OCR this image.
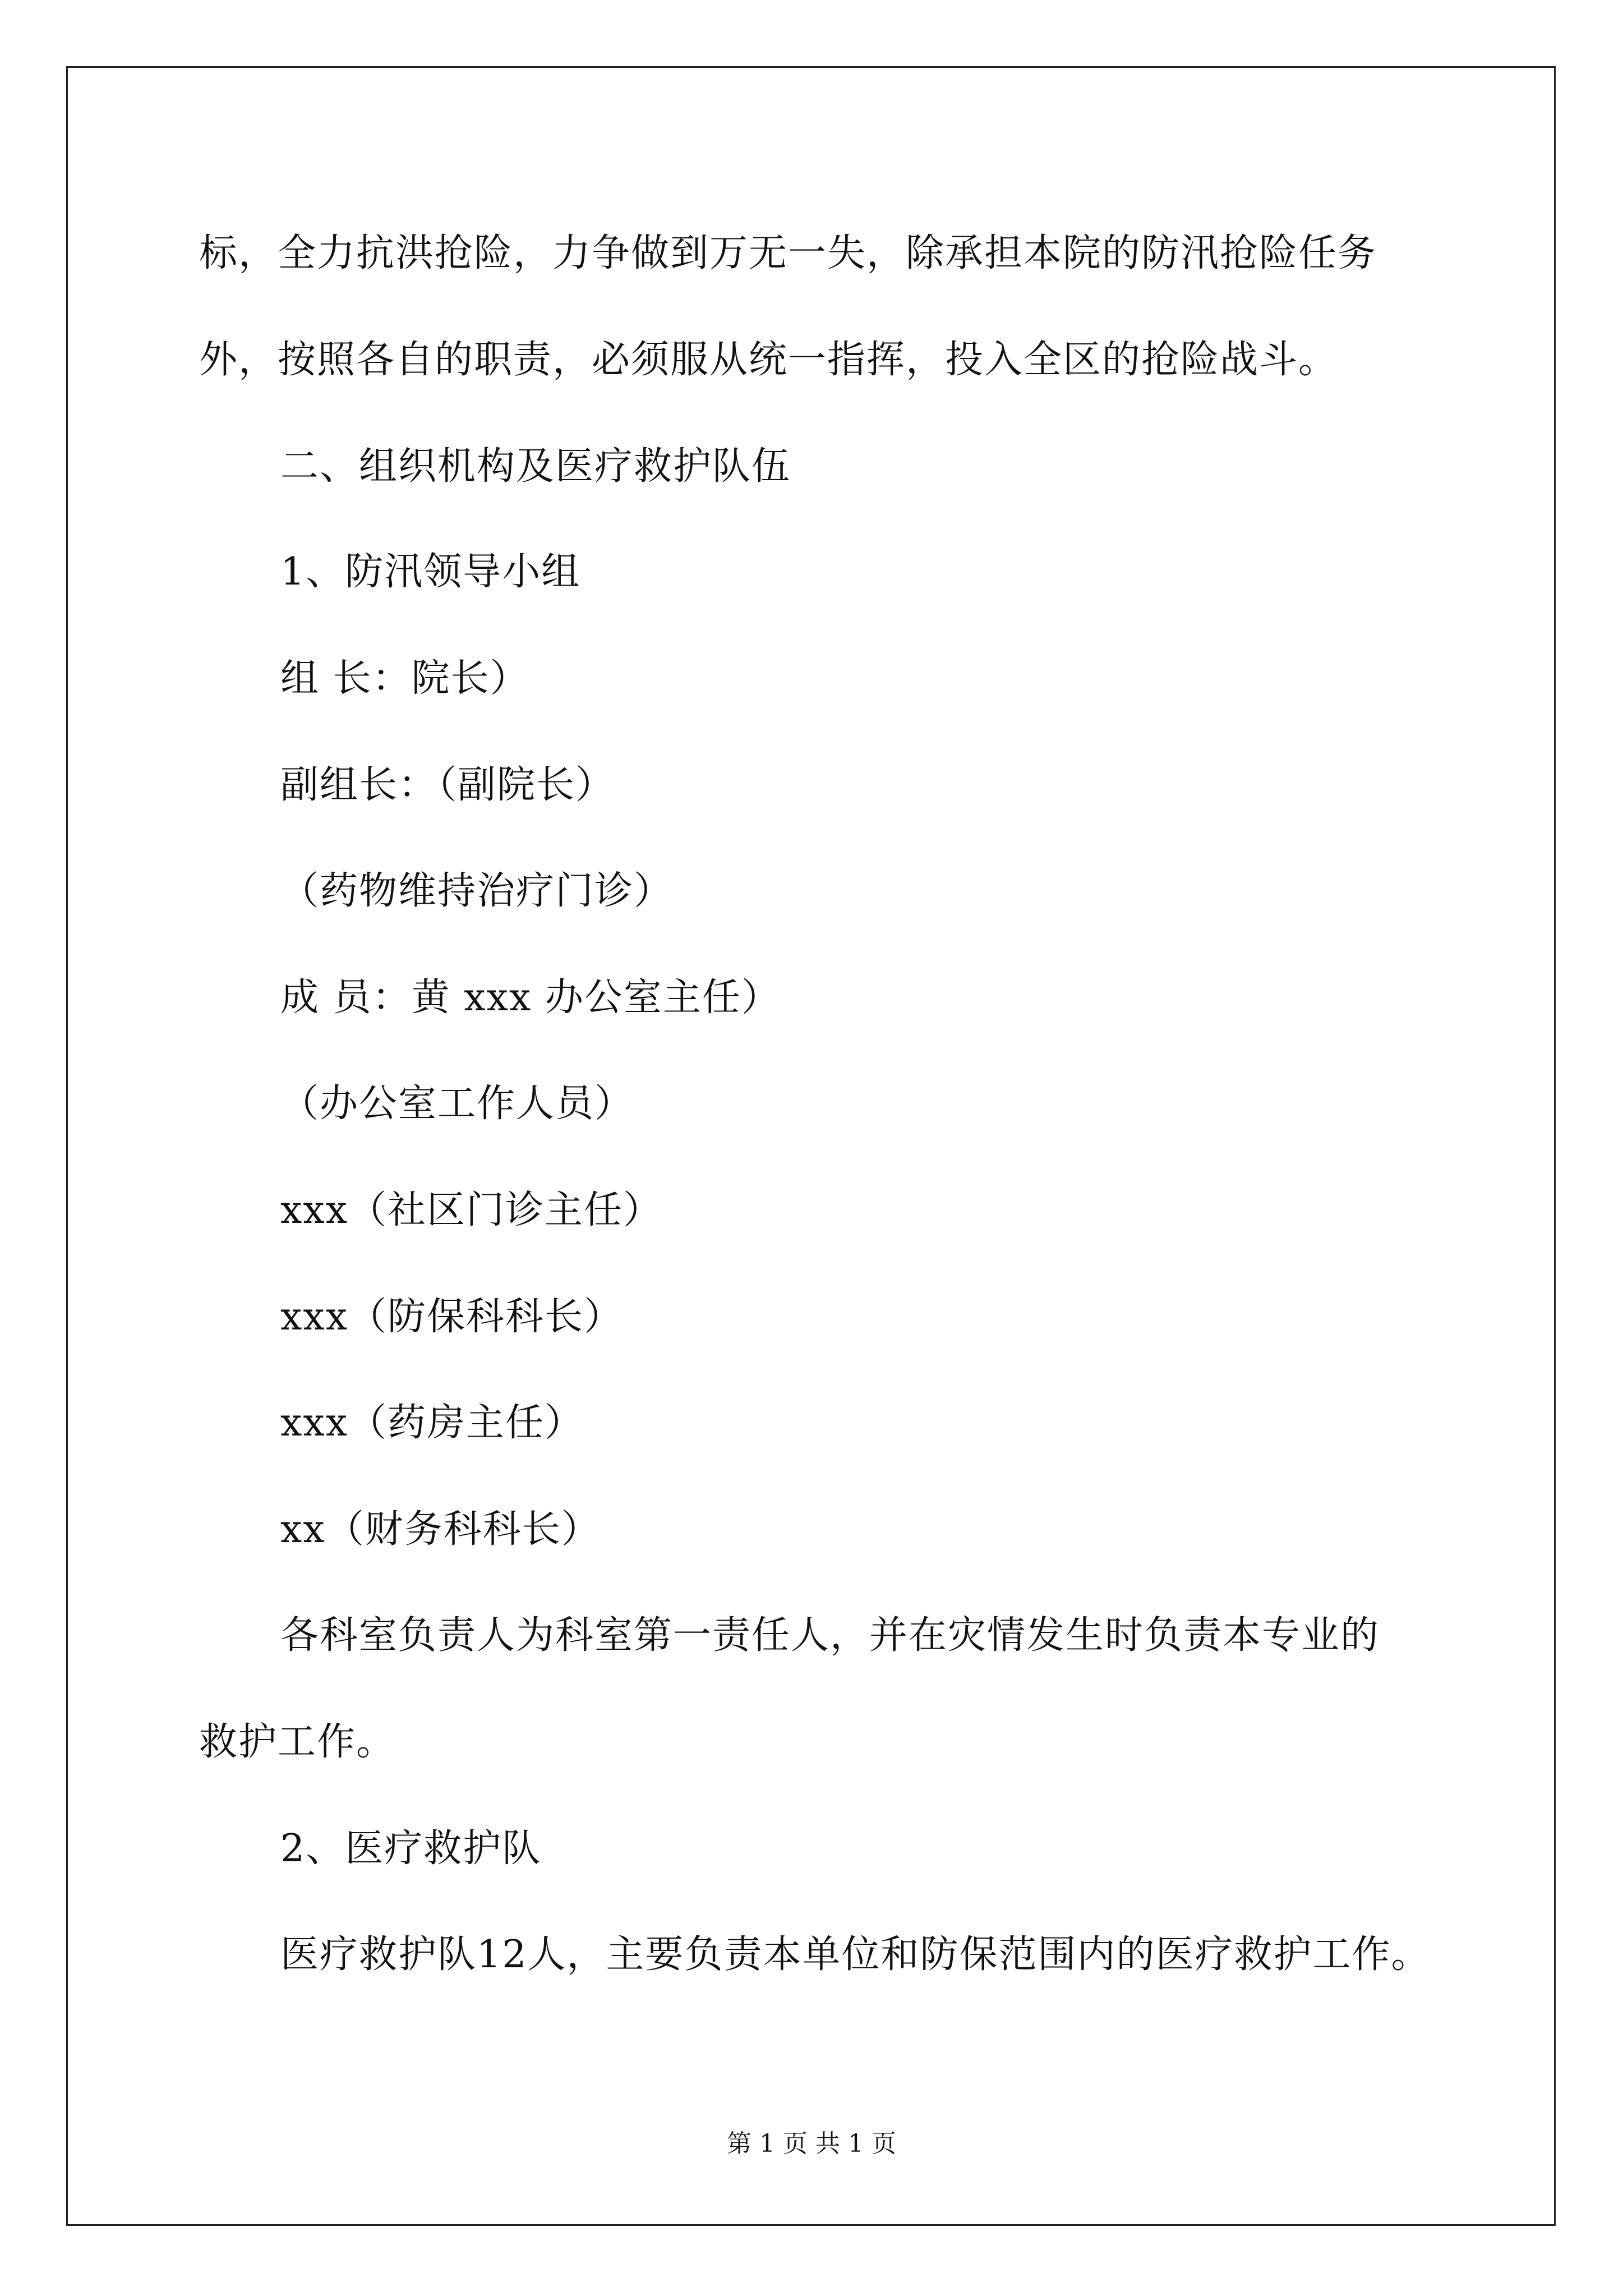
标，全力抗洪抢险，力争做到万无一失，除承担本院的防汛抢险任务
外，按照各自的职责，必须服从统一指挥，投入全区的抢险战斗。
二、组织机构及医疗救护队伍
1、防汛领导小组
组 长：院长）
副组长：（副院长）
（药物维持治疗门诊）
成 员：黄 xxx 办公室主任）
（办公室工作人员）
xxx（社区门诊主任）
xxx（防保科科长）
xxx（药房主任）
xx（财务科科长）
各科室负责人为科室第一责任人，并在灾情发生时负责本专业的
救护工作。
2、医疗救护队
医疗救护队12人，主要负责本单位和防保范围内的医疗救护工作。
第 1 页 共 1 页
